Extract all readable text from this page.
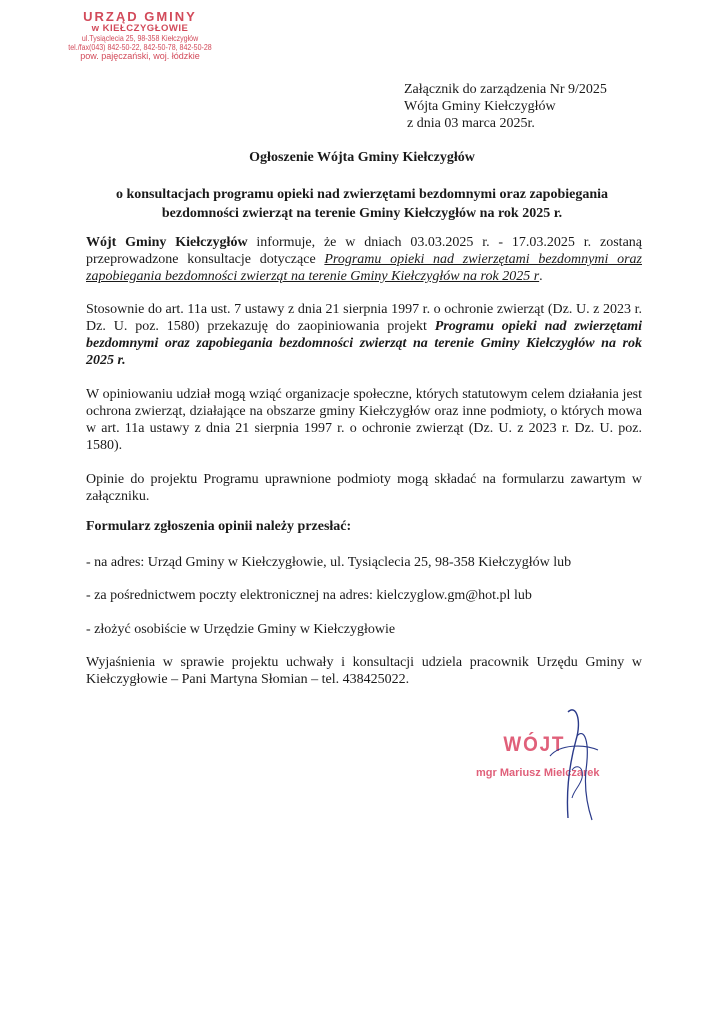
URZĄD GMINY
w KIEŁCZYGŁOWIE
ul.Tysiąclecia 25, 98-358 Kiełczygłów
tel./fax(043) 842-50-22, 842-50-78, 842-50-28
pow. pajęczański, woj. łódzkie
Załącznik do zarządzenia Nr 9/2025
Wójta Gminy Kiełczygłów
z dnia 03 marca 2025r.
Ogłoszenie Wójta Gminy Kiełczygłów
o konsultacjach programu opieki nad zwierzętami bezdomnymi oraz zapobiegania
bezdomności zwierząt na terenie Gminy Kiełczygłów na rok 2025 r.
Wójt Gminy Kiełczygłów informuje, że w dniach 03.03.2025 r. - 17.03.2025 r. zostaną przeprowadzone konsultacje dotyczące Programu opieki nad zwierzętami bezdomnymi oraz zapobiegania bezdomności zwierząt na terenie Gminy Kiełczygłów na rok 2025 r.
Stosownie do art. 11a ust. 7 ustawy z dnia 21 sierpnia 1997 r. o ochronie zwierząt (Dz. U. z 2023 r. Dz. U. poz. 1580) przekazuję do zaopiniowania projekt Programu opieki nad zwierzętami bezdomnymi oraz zapobiegania bezdomności zwierząt na terenie Gminy Kiełczygłów na rok 2025 r.
W opiniowaniu udział mogą wziąć organizacje społeczne, których statutowym celem działania jest ochrona zwierząt, działające na obszarze gminy Kiełczygłów oraz inne podmioty, o których mowa w art. 11a ustawy z dnia 21 sierpnia 1997 r. o ochronie zwierząt (Dz. U. z 2023 r. Dz. U. poz. 1580).
Opinie do projektu Programu uprawnione podmioty mogą składać na formularzu zawartym w załączniku.
Formularz zgłoszenia opinii należy przesłać:
- na adres: Urząd Gminy w Kiełczygłowie, ul. Tysiąclecia 25, 98-358 Kiełczygłów lub
- za pośrednictwem poczty elektronicznej na adres: kielczyglow.gm@hot.pl lub
- złożyć osobiście w Urzędzie Gminy w Kiełczygłowie
Wyjaśnienia w sprawie projektu uchwały i konsultacji udziela pracownik Urzędu Gminy w Kiełczygłowie – Pani Martyna Słomian – tel. 438425022.
WÓJT
mgr Mariusz Mielczarek
